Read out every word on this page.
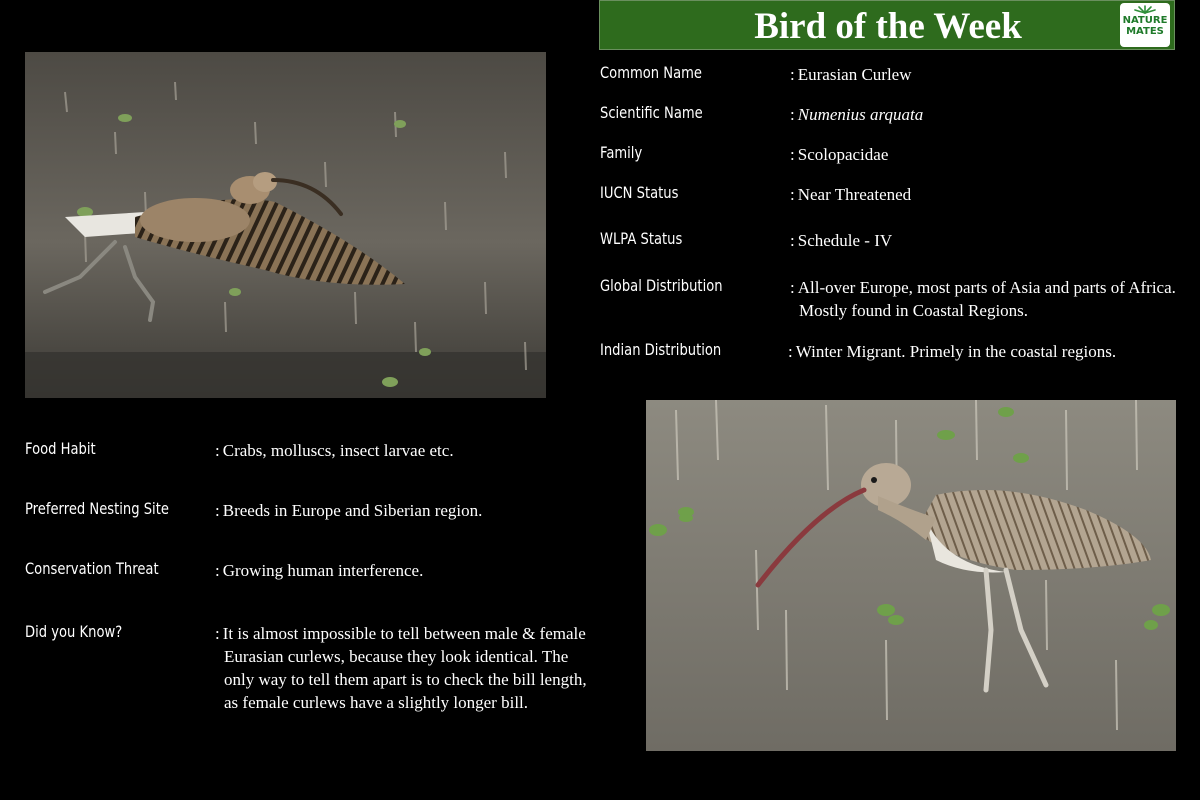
Bird of the Week	NATURE
MATES
Common Name	: Eurasian Curlew
Scientific Name	: Numenius arquata
Family	: Scolopacidae
IUCN Status	: Near Threatened
WLPA Status	: Schedule - IV
Global Distribution	: All-over Europe, most parts of Asia and parts of Africa. Mostly found in Coastal Regions.
Indian Distribution	: Winter Migrant. Primely in the coastal regions.
Food Habit	: Crabs, molluscs, insect larvae etc.
Preferred Nesting Site	: Breeds in Europe and Siberian region.
Conservation Threat	: Growing human interference.
Did you Know?	: It is almost impossible to tell between male & female Eurasian curlews, because they look identical. The only way to tell them apart is to check the bill length, as female curlews have a slightly longer bill.
